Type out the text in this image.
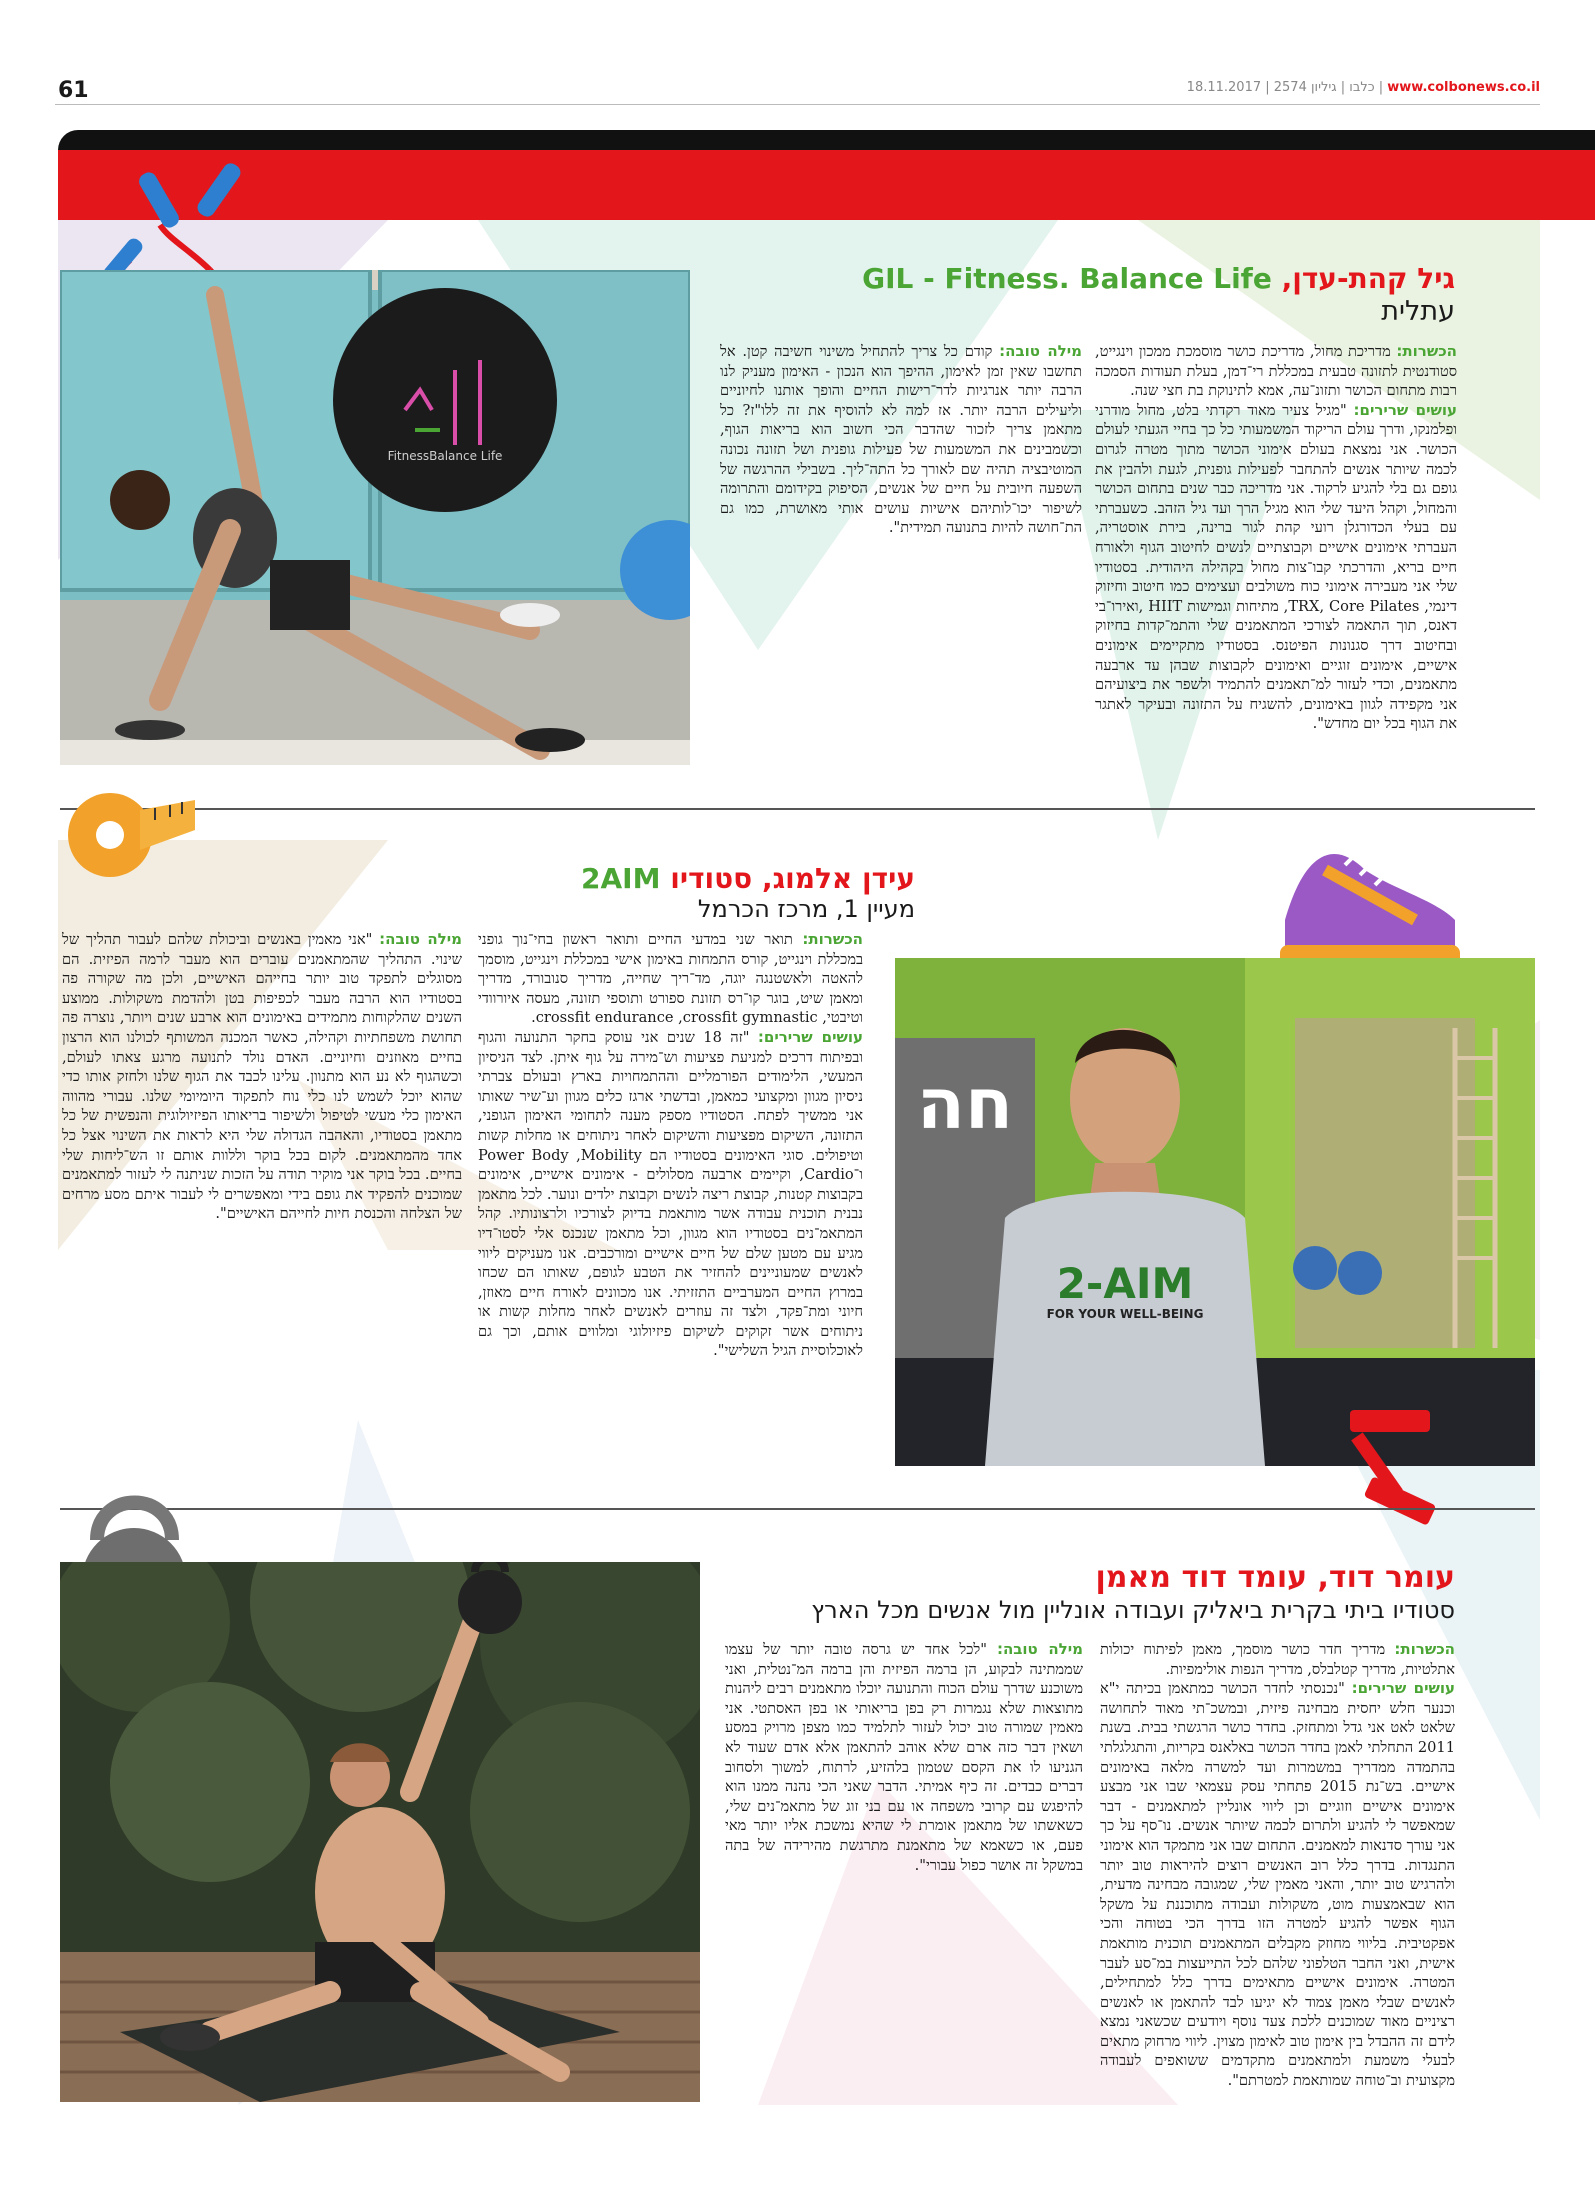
61	www.colbonews.co.il | כלבו | גיליון 2574 | 18.11.2017
FitnessBalance Life
גיל קהת-עדן, GIL - Fitness. Balance Life
עתלית

הכשרות: מדריכת מחול, מדריכת כושר מוסמכת ממכון וינגייט, סטודנטית לתזונה טבעית במכללת רי־דמן, בעלת תעודות הסמכה רבות מתחום הכושר ותזונ־עה, אמא לתינוקת בת חצי שנה.

עושים שרירים: "מגיל צעיר מאוד רקדתי בלט, מחול מודרני ופלמנקו, ודרך עולם הריקוד המשמעותי כל כך בחיי הגעתי לעולם הכושר. אני נמצאת בעולם אימוני הכושר מתוך מטרה לגרום לכמה שיותר אנשים להתחבר לפעילות גופנית, לגעת ולהבין את גופם גם בלי להגיע לרקוד. אני מדריכה כבר שנים בתחום הכושר והמחול, וקהל היעד שלי הוא מגיל הרך ועד גיל הזהב. כשעברתי עם בעלי הכדורגלן רועי קהת לגור ברינה, בירת אוסטריה, העברתי אימונים אישיים וקבוצתיים לנשים לחיטוב הגוף ולאורח חיים בריא, והדרכתי קבו־צות מחול בקהילה היהודית. בסטודיו שלי אני מעבירה אימוני כוח משולבים ועצימים כמו חיטוב וחיזוק דינמי, TRX, Core Pilates, מתיחות וגמישות HIIT ,ואירו־בי דאנס, תוך התאמה לצורכי המתאמנים שלי והתמ־קדות בחיזוק ובחיטוב דרך סגנונות הפיטנס. בסטודיו מתקיימים אימונים אישיים, אימונים זוגיים ואימונים לקבוצות שבהן עד ארבעה מתאמנים, וכדי לעזור למ־תאמנים להתמיד ולשפר את ביצועיהם אני מקפידה לגוון באימונים, להשגיח על התזונה ובעיקר לאתגר את הגוף בכל יום מחדש".

מילה טובה: קודם כל צריך להתחיל משינוי חשיבה קטן. אל תחשבו שאין זמן לאימון, ההיפך הוא הנכון - האימון מעניק לנו הרבה יותר אנרגיות לדר־רישות החיים והופך אותנו לחיוניים וליעילים הרבה יותר. אז למה לא להוסיף את זה ללו"ז? כל מתאמן צריך לזכור שהדבר הכי חשוב הוא בריאות הגוף, וכשמבינים את המשמעות של פעילות גופנית ושל תזונה נכונה המוטיבציה תהיה שם לאורך כל התה־ליך. בשבילי ההרגשה של השפעה חיובית על חיים של אנשים, הסיפוק בקידומם והתרומה לשיפור יכו־לותיהם אישיות עושים אותי מאושרת, כמו גם הת־חושה להיות בתנועה תמידית".

עידן אלמוג, סטודיו 2AIM
מעיין 1, מרכז הכרמל

הכשרות: תואר שני במדעי החיים ותואר ראשון בחי־נוך גופני במכללת וינגייט, קורס התמחות באימון אישי במכללת וינגייט, מוסמך להאטה ולאשטנגה יוגה, מד־ריך שחייה, מדריך סנובורד, מדריך ומאמן שיט, בוגר קו־רס תזונת ספורט ותוספי תזונה, מעסה איורוודי וטיבטי, crossfit endurance ,crossfit gymnastic.

עושים שרירים: "זה 18 שנים אני עוסק בחקר התנועה והגוף ובפיתוח דרכים למניעת פציעות וש־מירה על גוף איתן. לצד הניסיון המעשי, הלימודים הפורמליים וההתמחויות בארץ ובעולם צברתי ניסיון מגוון ומקצועי כמאמן, ובדשתי ארגז כלים מגוון וע־שיר שאותו אני ממשיך לפתח. הסטודיו מספק מענה לתחומי האימון הגופני, התזונה, השיקום מפציעות והשיקום לאחר ניתוחים או מחלות קשות וטיפולים. סוגי האימונים בסטודיו הם Power Body ,Mobility ו־Cardio, וקיימים ארבעה מסלולים - אימונים אישיים, אימונים בקבוצות קטנות, קבוצת ריצה לנשים וקבוצת ילדים ונוער. לכל מתאמן נבנית תוכנית עבודה אשר מותאמת בדיוק לצורכיו ולרצונותיו. קהל המתאמ־נים בסטודיו הוא מגוון, וכל מתאמן שנכנס אלי לסטו־דיו מגיע עם מטען שלם של חיים אישיים ומורכבים. אנו מעניקים ליווי לאנשים שמעוניינים להחזיר את הטבע לגופם, שאותו הם שכחו במרוץ החיים המערביים התזזיתי. אנו מכוונים לאורח חיים מאוזן, חיוני ומת־פקד, ולצד זה עוזרים לאנשים לאחר מחלות קשות או ניתוחים אשר זקוקים לשיקום פיזיולוגי ומלווים אותם, וכך גם לאוכלוסיית הגיל השלישי".

מילה טובה: "אני מאמין באנשים וביכולת שלהם לעבור תהליך של שינוי. התהליך שהמתאמנים עוברים הוא מעבר לרמה הפיזית. הם מסוגלים לתפקד טוב יותר בחייהם האישיים, ולכן מה שקורה פה בסטודיו הוא הרבה מעבר לכפיפות בטן ולהדמת משקולות. ממוצע השנים שהלקוחות מתמידים באימונים הוא ארבע שנים ויותר, נוצרה פה תחושת משפחתיות וקהילה, כאשר המכנה המשותף לכולנו הוא הרצון בחיים מאוזנים וחיוניים. האדם נולד לתנועה מרגע צאתו לעולם, וכשהגוף לא נע הוא מתנוון. עלינו לכבד את הגוף שלנו ולחזק אותו כדי שהוא יוכל לשמש לנו כלי נוח לתפקוד היומיומי שלנו. עבורי מהווה האימון כלי מעשי לטיפול ולשיפור בריאותו הפיזיולוגית והנפשית של כל מתאמן בסטודיו, והאהבה הגדולה שלי היא לראות את השינוי אצל כל אחד מהמתאמנים. לקום בכל בוקר וללוות אותם זו הש־ליחות שלי בחיים. בכל בוקר אני מוקיר תודה על הזכות שניתנה לי לעזור למתאמנים שמוכנים להפקיד את גופם בידי ומאפשרים לי לעבור איתם מסע מרחים של הצלחה והכנסת חיות לחייהם האישיים".

חה
2-AIM
FOR YOUR WELL-BEING
עומר דוד, עומד דוד מאמן
סטודיו ביתי בקרית ביאליק ועבודה אונליין מול אנשים מכל הארץ

הכשרות: מדריך חדר כושר מוסמך, מאמן לפיתוח יכולות אתלטיות, מדריך קטלבלס, מדריך הנפות אולימפיות.

עושים שרירים: "נכנסתי לחדר הכושר כמתאמן בכיתה י"א וכנער חלש יחסית מבחינה פיזית, ובמשכ־תי מאוד לתחושה שלאט לאט אני גדל ומתחזק. בחדר כושר הרגשתי בבית. בשנת 2011 התחלתי לאמן בחדר הכושר באלאנס בקריות, והתגלגלתי בהתמדה ממדריך במשמרות ועד למשרה מלאה באימונים אישיים. בש־נת 2015 פתחתי עסק עצמאי שבו אני מבצע אימונים אישיים וזוגיים וכן ליווי אונליין למתאמנים - דבר שמאפשר לי להגיע ולתרום לכמה שיותר אנשים. נו־סף על כך אני עורך סדנאות למאמנים. התחום שבו אני מתמקד הוא אימוני התנגדות. בדרך כלל רוב האנשים רוצים להיראות טוב יותר ולהרגיש טוב יותר, והאני מאמין שלי, שמגובה מבחינה מדעית, הוא שבאמצעות מוט, משקולות ועבודה מתוכננת על משקל הגוף אפשר להגיע למטרה הזו בדרך הכי בטוחה והכי אפקטיבית. בליווי מחוזק מקבלים המתאמנים תוכנית מותאמת אישית, ואני החבר הטלפוני שלהם לכל התייעצות במ־סע לעבר המטרה. אימונים אישיים מתאימים בדרך כלל למתחילים, לאנשים שבלי מאמן צמוד לא יגיעו לבד להתאמן או לאנשים רציניים מאוד שמוכנים ללכת צעד נוסף ויודעים שכשאני נמצא לידם זה ההבדל בין אימון טוב לאימון מצוין. ליווי מרחוק מתאים לבעלי משמעת ולמתאמנים מתקדמים ששואפים לעבודה מקצועית וב־טוחה שמותאמת למטרתם".

מילה טובה: "לכל אחד יש גרסה טובה יותר של עצמו שממתינה לבקוע, הן ברמה הפיזית והן ברמה המ־נטלית, ואני משוכנע שדרך עולם הכוח והתנועה יוכלו מתאמנים רבים ליהנות מתוצאות שלא נגמרות רק בפן בריאותי או בפן האסתטי. אני מאמין שמורה טוב יכול לעזור לתלמיד כמו מצפן מרויק במסע ושאין דבר כזה ארם שלא אוהב להתאמן אלא אדם שעוד לא הגניעו לו את הקסם שטמון בלהזיע, לרתוח, למשוך ולסחוב דברים כבדים. זה כיף אמיתי. הדבר שאני הכי נהנה ממנו הוא להיפגש עם קרובי משפחה או עם בני זוג של מתאמ־נים שלי, כשאשתו של מתאמן אומרת לי שהיא נמשכת אליו יותר מאי פעם, או כשאמא של מתאמנת מתרגשת מהירידה של בתה במשקל זה אושר כפול עבורי".
